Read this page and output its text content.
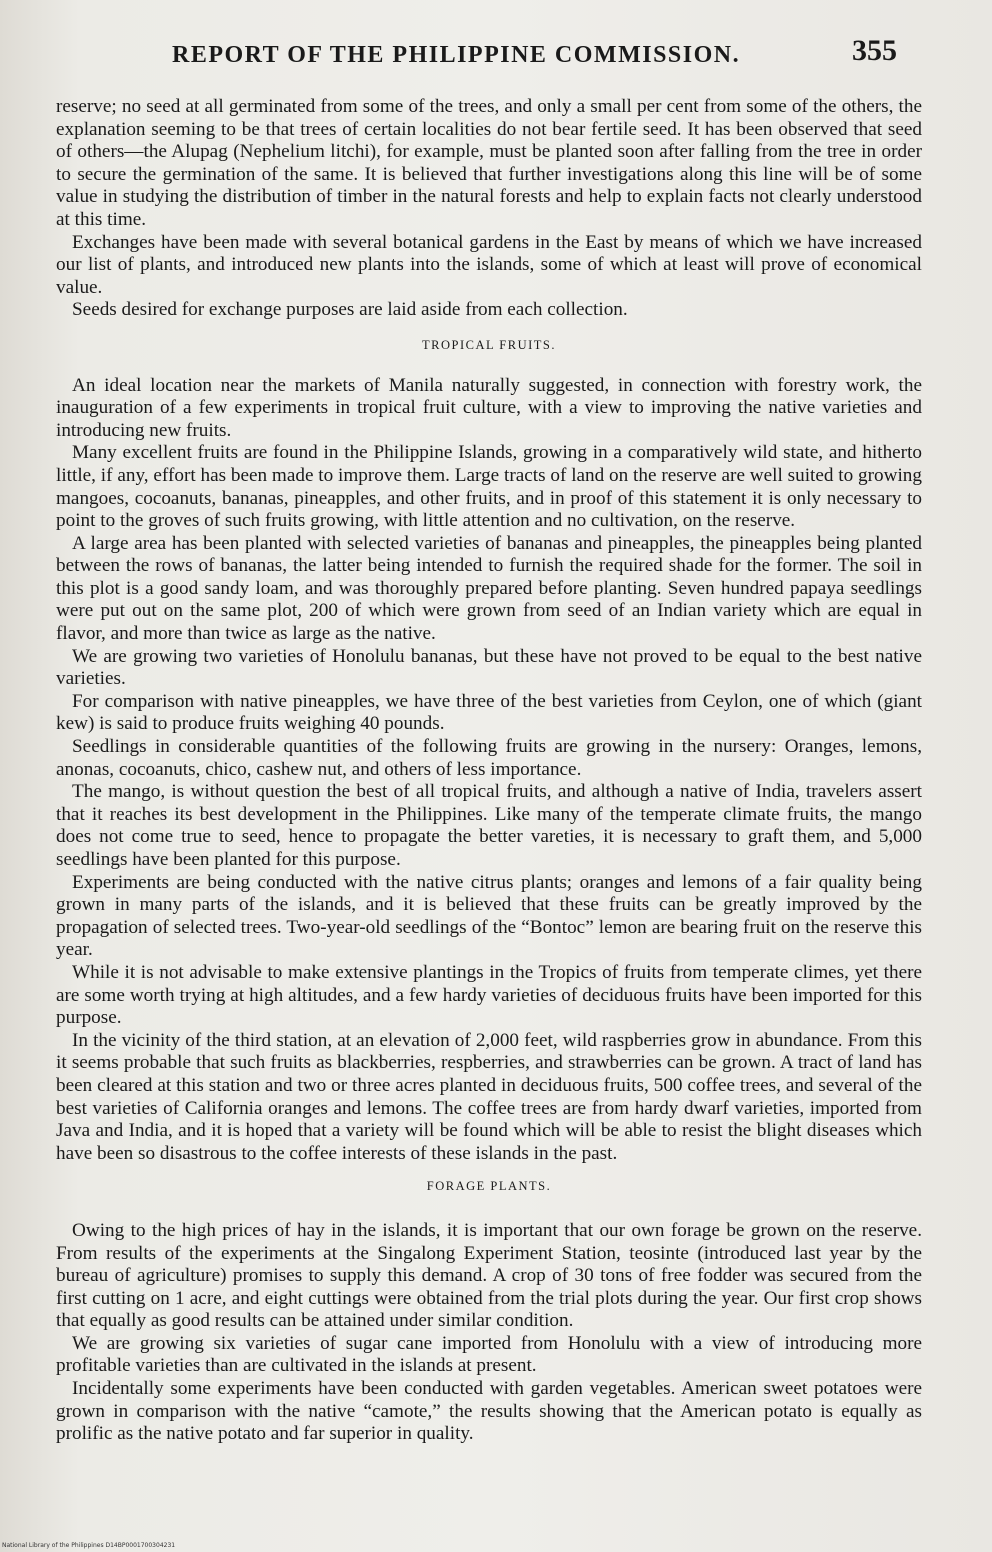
REPORT OF THE PHILIPPINE COMMISSION.	355

reserve; no seed at all germinated from some of the trees, and only a small per cent from some of the others, the explanation seeming to be that trees of certain localities do not bear fertile seed. It has been observed that seed of others—the Alupag (Nephelium litchi), for example, must be planted soon after falling from the tree in order to secure the germination of the same. It is believed that further investigations along this line will be of some value in studying the distribution of timber in the natural forests and help to explain facts not clearly understood at this time.

Exchanges have been made with several botanical gardens in the East by means of which we have increased our list of plants, and introduced new plants into the islands, some of which at least will prove of economical value.

Seeds desired for exchange purposes are laid aside from each collection.

TROPICAL FRUITS.

An ideal location near the markets of Manila naturally suggested, in connection with forestry work, the inauguration of a few experiments in tropical fruit culture, with a view to improving the native varieties and introducing new fruits.

Many excellent fruits are found in the Philippine Islands, growing in a comparatively wild state, and hitherto little, if any, effort has been made to improve them. Large tracts of land on the reserve are well suited to growing mangoes, cocoanuts, bananas, pineapples, and other fruits, and in proof of this statement it is only necessary to point to the groves of such fruits growing, with little attention and no cultivation, on the reserve.

A large area has been planted with selected varieties of bananas and pineapples, the pineapples being planted between the rows of bananas, the latter being intended to furnish the required shade for the former. The soil in this plot is a good sandy loam, and was thoroughly prepared before planting. Seven hundred papaya seedlings were put out on the same plot, 200 of which were grown from seed of an Indian variety which are equal in flavor, and more than twice as large as the native.

We are growing two varieties of Honolulu bananas, but these have not proved to be equal to the best native varieties.

For comparison with native pineapples, we have three of the best varieties from Ceylon, one of which (giant kew) is said to produce fruits weighing 40 pounds.

Seedlings in considerable quantities of the following fruits are growing in the nursery: Oranges, lemons, anonas, cocoanuts, chico, cashew nut, and others of less importance.

The mango, is without question the best of all tropical fruits, and although a native of India, travelers assert that it reaches its best development in the Philippines. Like many of the temperate climate fruits, the mango does not come true to seed, hence to propagate the better vareties, it is necessary to graft them, and 5,000 seedlings have been planted for this purpose.

Experiments are being conducted with the native citrus plants; oranges and lemons of a fair quality being grown in many parts of the islands, and it is believed that these fruits can be greatly improved by the propagation of selected trees. Two-year-old seedlings of the “Bontoc” lemon are bearing fruit on the reserve this year.

While it is not advisable to make extensive plantings in the Tropics of fruits from temperate climes, yet there are some worth trying at high altitudes, and a few hardy varieties of deciduous fruits have been imported for this purpose.

In the vicinity of the third station, at an elevation of 2,000 feet, wild raspberries grow in abundance. From this it seems probable that such fruits as blackberries, respberries, and strawberries can be grown. A tract of land has been cleared at this station and two or three acres planted in deciduous fruits, 500 coffee trees, and several of the best varieties of California oranges and lemons. The coffee trees are from hardy dwarf varieties, imported from Java and India, and it is hoped that a variety will be found which will be able to resist the blight diseases which have been so disastrous to the coffee interests of these islands in the past.

FORAGE PLANTS.

Owing to the high prices of hay in the islands, it is important that our own forage be grown on the reserve. From results of the experiments at the Singalong Experiment Station, teosinte (introduced last year by the bureau of agriculture) promises to supply this demand. A crop of 30 tons of free fodder was secured from the first cutting on 1 acre, and eight cuttings were obtained from the trial plots during the year. Our first crop shows that equally as good results can be attained under similar condition.

We are growing six varieties of sugar cane imported from Honolulu with a view of introducing more profitable varieties than are cultivated in the islands at present.

Incidentally some experiments have been conducted with garden vegetables. American sweet potatoes were grown in comparison with the native “camote,” the results showing that the American potato is equally as prolific as the native potato and far superior in quality.

National Library of the Philippines D14BP0001700304231
